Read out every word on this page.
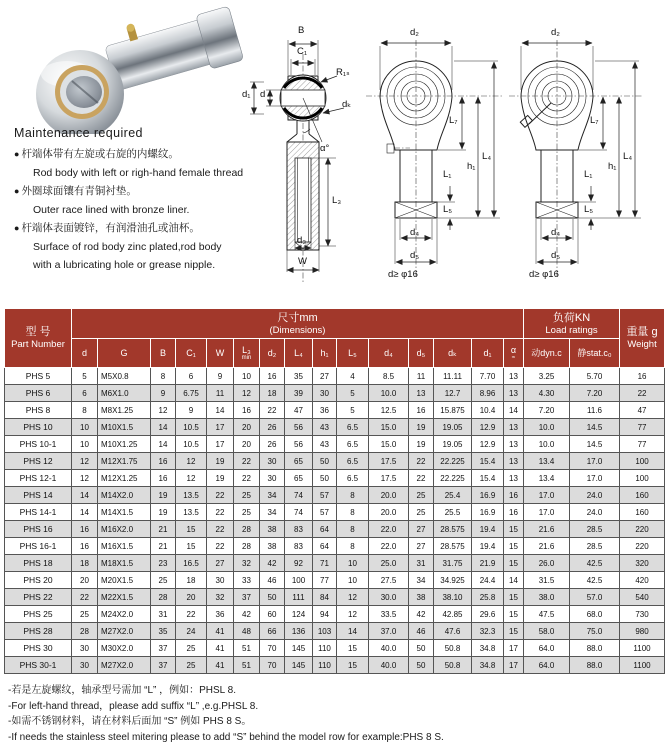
Maintenance required
● 杆端体带有左旋或右旋的内螺纹。
Rod body with left or righ-hand female thread
● 外圈球面镶有青铜衬垫。
Outer race lined with bronze liner.
● 杆端体表面镀锌，有润滑油孔或油杯。
Surface of rod body zinc plated,rod body
with a lubricating hole or grease nipple.
B
C₁
d₁ d
R₁ₛ
dₖ
α°
L₃
d₃
W
d₂
L₇
h₁
L₄
L₁
L₅
d₄
d₅
d≥ φ16
d₂
L₇
h₁
L₄
L₁
L₅
d₄
d₅
d≥ φ16
型 号
Part Number

尺寸mm
(Dimensions)

负荷KN
Load ratings	重量 g
Weight

d	G	B	C₁	W	L₃
min	d₂	L₄	h₁	L₅	d₄	d₅	dₖ	d₁	α
≈	动dyn.c	静stat.c₀

PHS 5	5	M5X0.8	8	6	9	10	16	35	27	4	8.5	11	11.11	7.70	13	3.25	5.70	16
PHS 6	6	M6X1.0	9	6.75	11	12	18	39	30	5	10.0	13	12.7	8.96	13	4.30	7.20	22
PHS 8	8	M8X1.25	12	9	14	16	22	47	36	5	12.5	16	15.875	10.4	14	7.20	11.6	47
PHS 10	10	M10X1.5	14	10.5	17	20	26	56	43	6.5	15.0	19	19.05	12.9	13	10.0	14.5	77
PHS 10-1	10	M10X1.25	14	10.5	17	20	26	56	43	6.5	15.0	19	19.05	12.9	13	10.0	14.5	77
PHS 12	12	M12X1.75	16	12	19	22	30	65	50	6.5	17.5	22	22.225	15.4	13	13.4	17.0	100
PHS 12-1	12	M12X1.25	16	12	19	22	30	65	50	6.5	17.5	22	22.225	15.4	13	13.4	17.0	100
PHS 14	14	M14X2.0	19	13.5	22	25	34	74	57	8	20.0	25	25.4	16.9	16	17.0	24.0	160
PHS 14-1	14	M14X1.5	19	13.5	22	25	34	74	57	8	20.0	25	25.5	16.9	16	17.0	24.0	160
PHS 16	16	M16X2.0	21	15	22	28	38	83	64	8	22.0	27	28.575	19.4	15	21.6	28.5	220
PHS 16-1	16	M16X1.5	21	15	22	28	38	83	64	8	22.0	27	28.575	19.4	15	21.6	28.5	220
PHS 18	18	M18X1.5	23	16.5	27	32	42	92	71	10	25.0	31	31.75	21.9	15	26.0	42.5	320
PHS 20	20	M20X1.5	25	18	30	33	46	100	77	10	27.5	34	34.925	24.4	14	31.5	42.5	420
PHS 22	22	M22X1.5	28	20	32	37	50	111	84	12	30.0	38	38.10	25.8	15	38.0	57.0	540
PHS 25	25	M24X2.0	31	22	36	42	60	124	94	12	33.5	42	42.85	29.6	15	47.5	68.0	730
PHS 28	28	M27X2.0	35	24	41	48	66	136	103	14	37.0	46	47.6	32.3	15	58.0	75.0	980
PHS 30	30	M30X2.0	37	25	41	51	70	145	110	15	40.0	50	50.8	34.8	17	64.0	88.0	1100
PHS 30-1	30	M27X2.0	37	25	41	51	70	145	110	15	40.0	50	50.8	34.8	17	64.0	88.0	1100
-若是左旋螺纹，轴承型号需加 “L” ，例如：PHSL 8.
-For left-hand thread，please add suffix “L” ,e.g.PHSL 8.
-如需不锈钢材料，请在材料后面加 “S” 例如 PHS 8 S。
-If needs the stainless steel mitering please to add “S” behind the model row for example:PHS 8 S.
